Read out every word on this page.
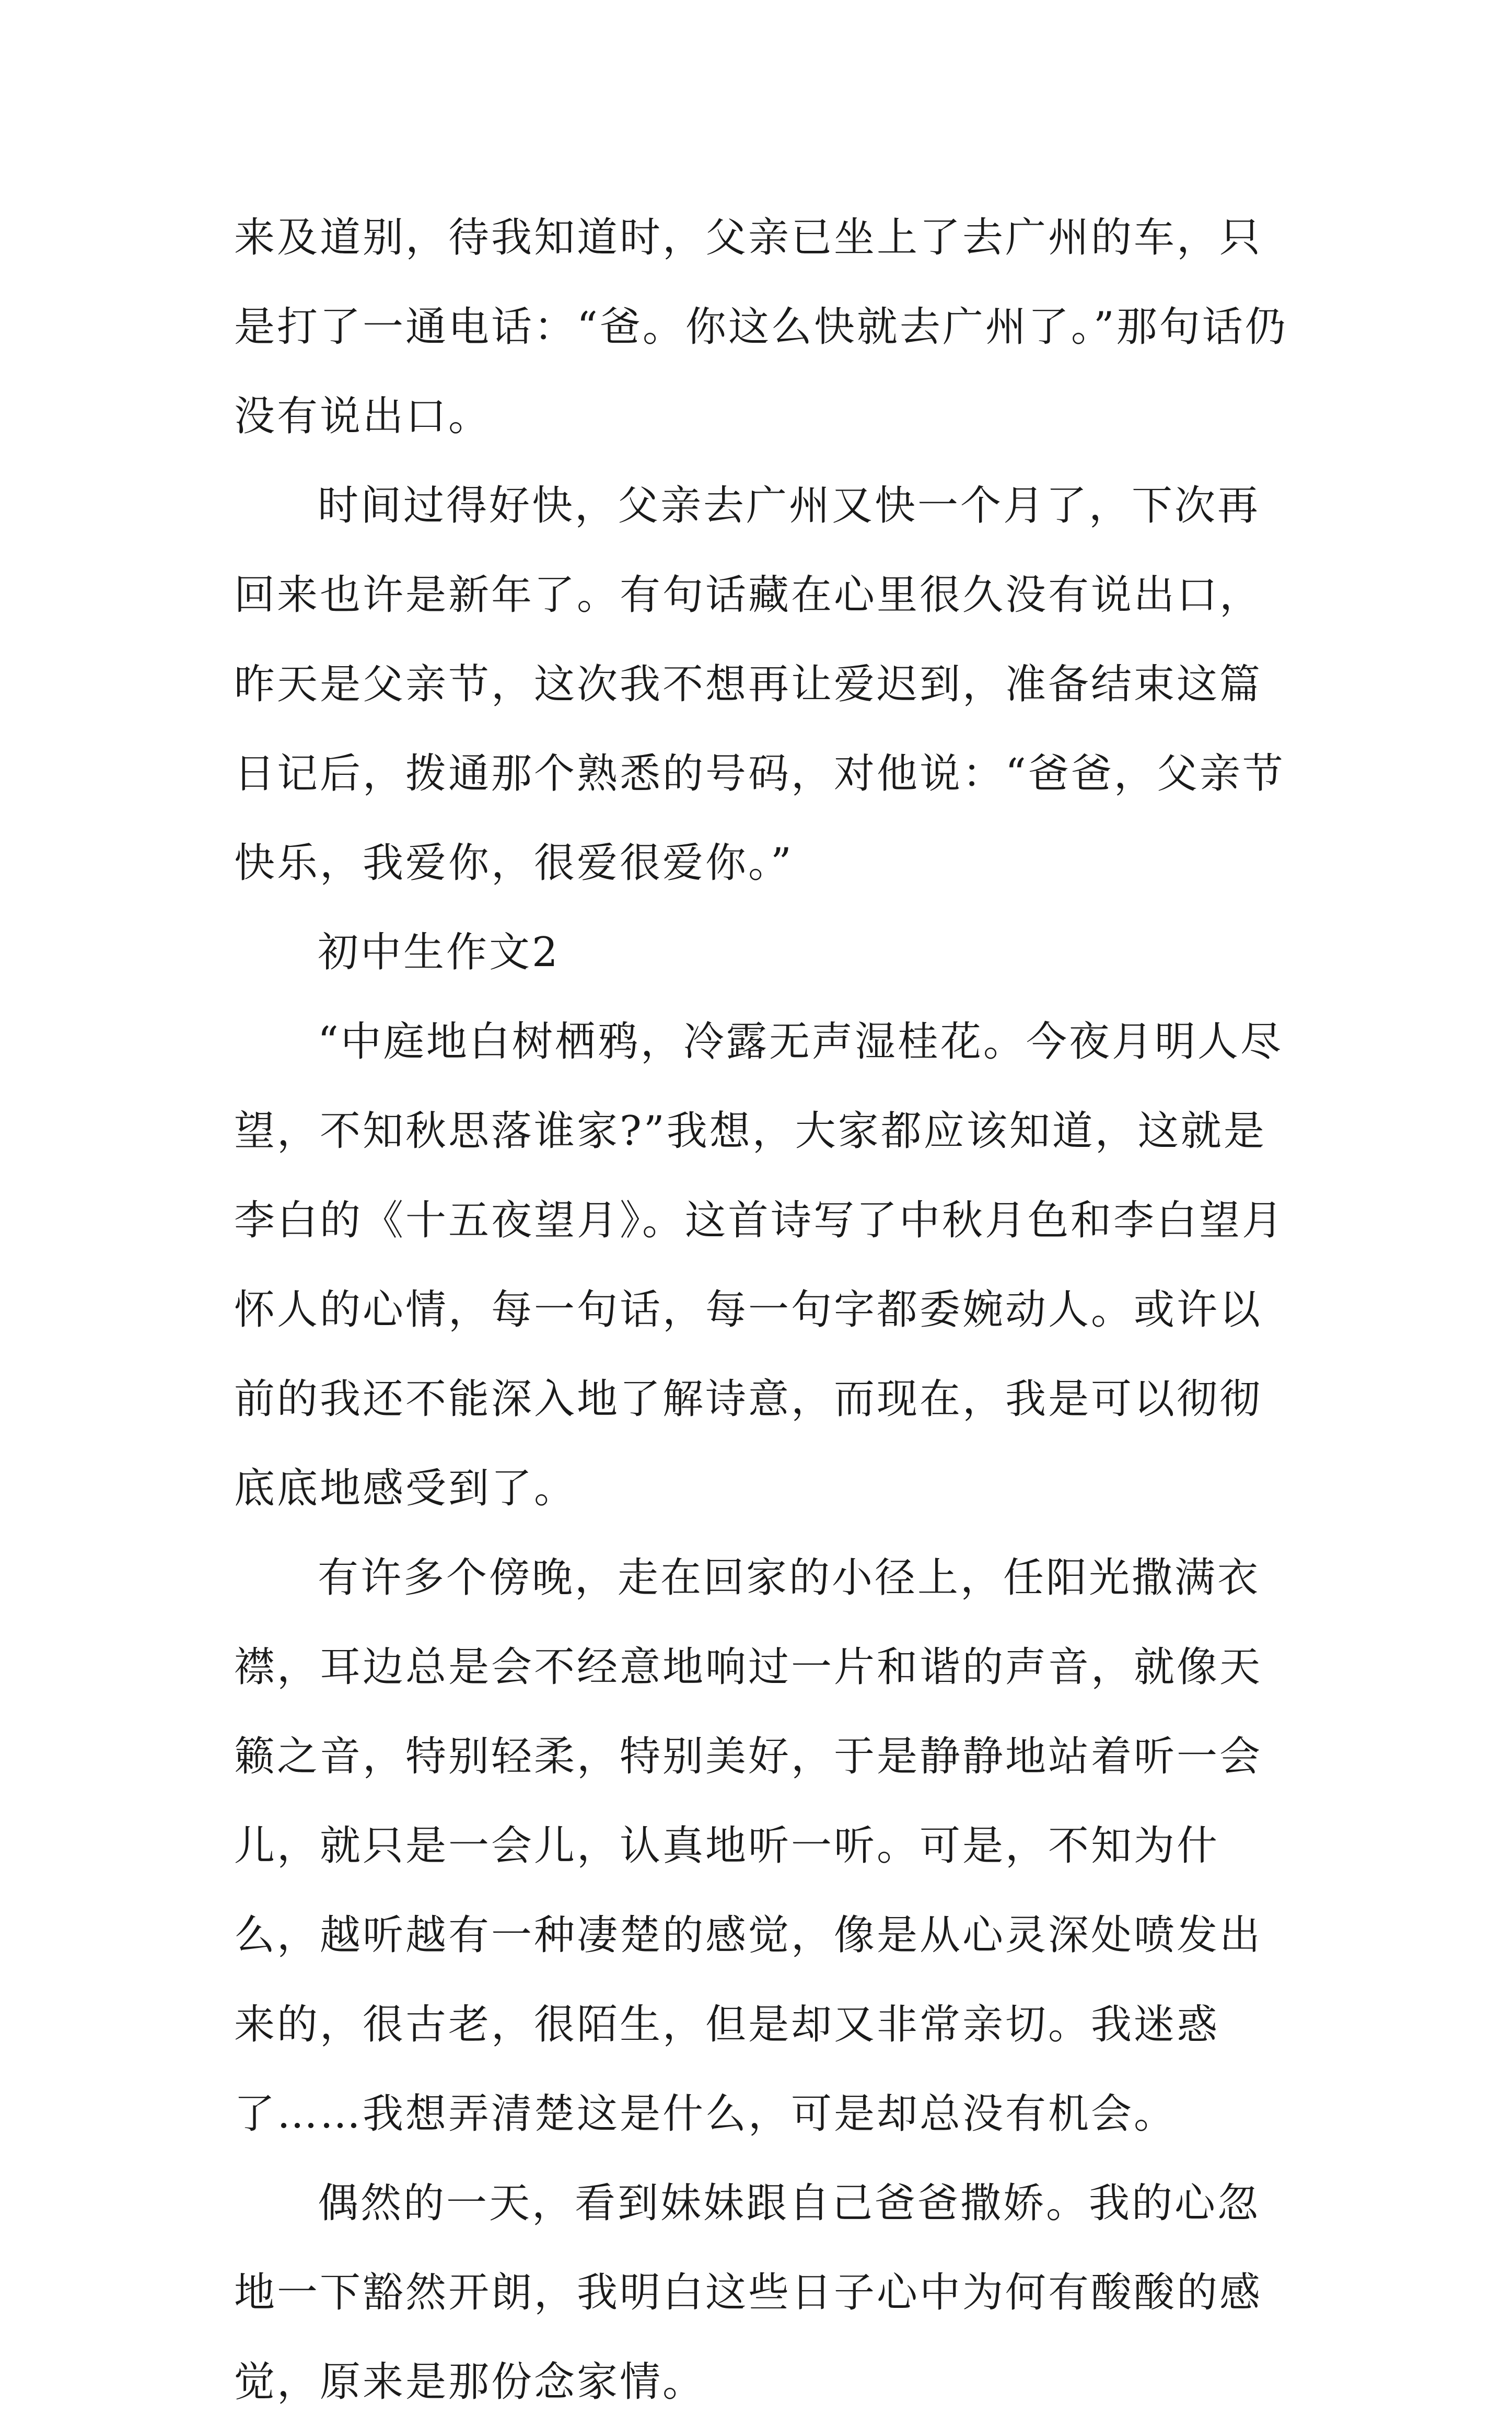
来及道别，待我知道时，父亲已坐上了去广州的车，只是打了一通电话：“爸。你这么快就去广州了。”那句话仍没有说出口。

时间过得好快，父亲去广州又快一个月了，下次再回来也许是新年了。有句话藏在心里很久没有说出口，昨天是父亲节，这次我不想再让爱迟到，准备结束这篇日记后，拨通那个熟悉的号码，对他说：“爸爸，父亲节快乐，我爱你，很爱很爱你。”

初中生作文2

“中庭地白树栖鸦，冷露无声湿桂花。今夜月明人尽望，不知秋思落谁家?”我想，大家都应该知道，这就是李白的《十五夜望月》。这首诗写了中秋月色和李白望月怀人的心情，每一句话，每一句字都委婉动人。或许以前的我还不能深入地了解诗意，而现在，我是可以彻彻底底地感受到了。

有许多个傍晚，走在回家的小径上，任阳光撒满衣襟，耳边总是会不经意地响过一片和谐的声音，就像天籁之音，特别轻柔，特别美好，于是静静地站着听一会儿，就只是一会儿，认真地听一听。可是，不知为什么，越听越有一种凄楚的感觉，像是从心灵深处喷发出来的，很古老，很陌生，但是却又非常亲切。我迷惑了……我想弄清楚这是什么，可是却总没有机会。

偶然的一天，看到妹妹跟自己爸爸撒娇。我的心忽地一下豁然开朗，我明白这些日子心中为何有酸酸的感觉，原来是那份念家情。
